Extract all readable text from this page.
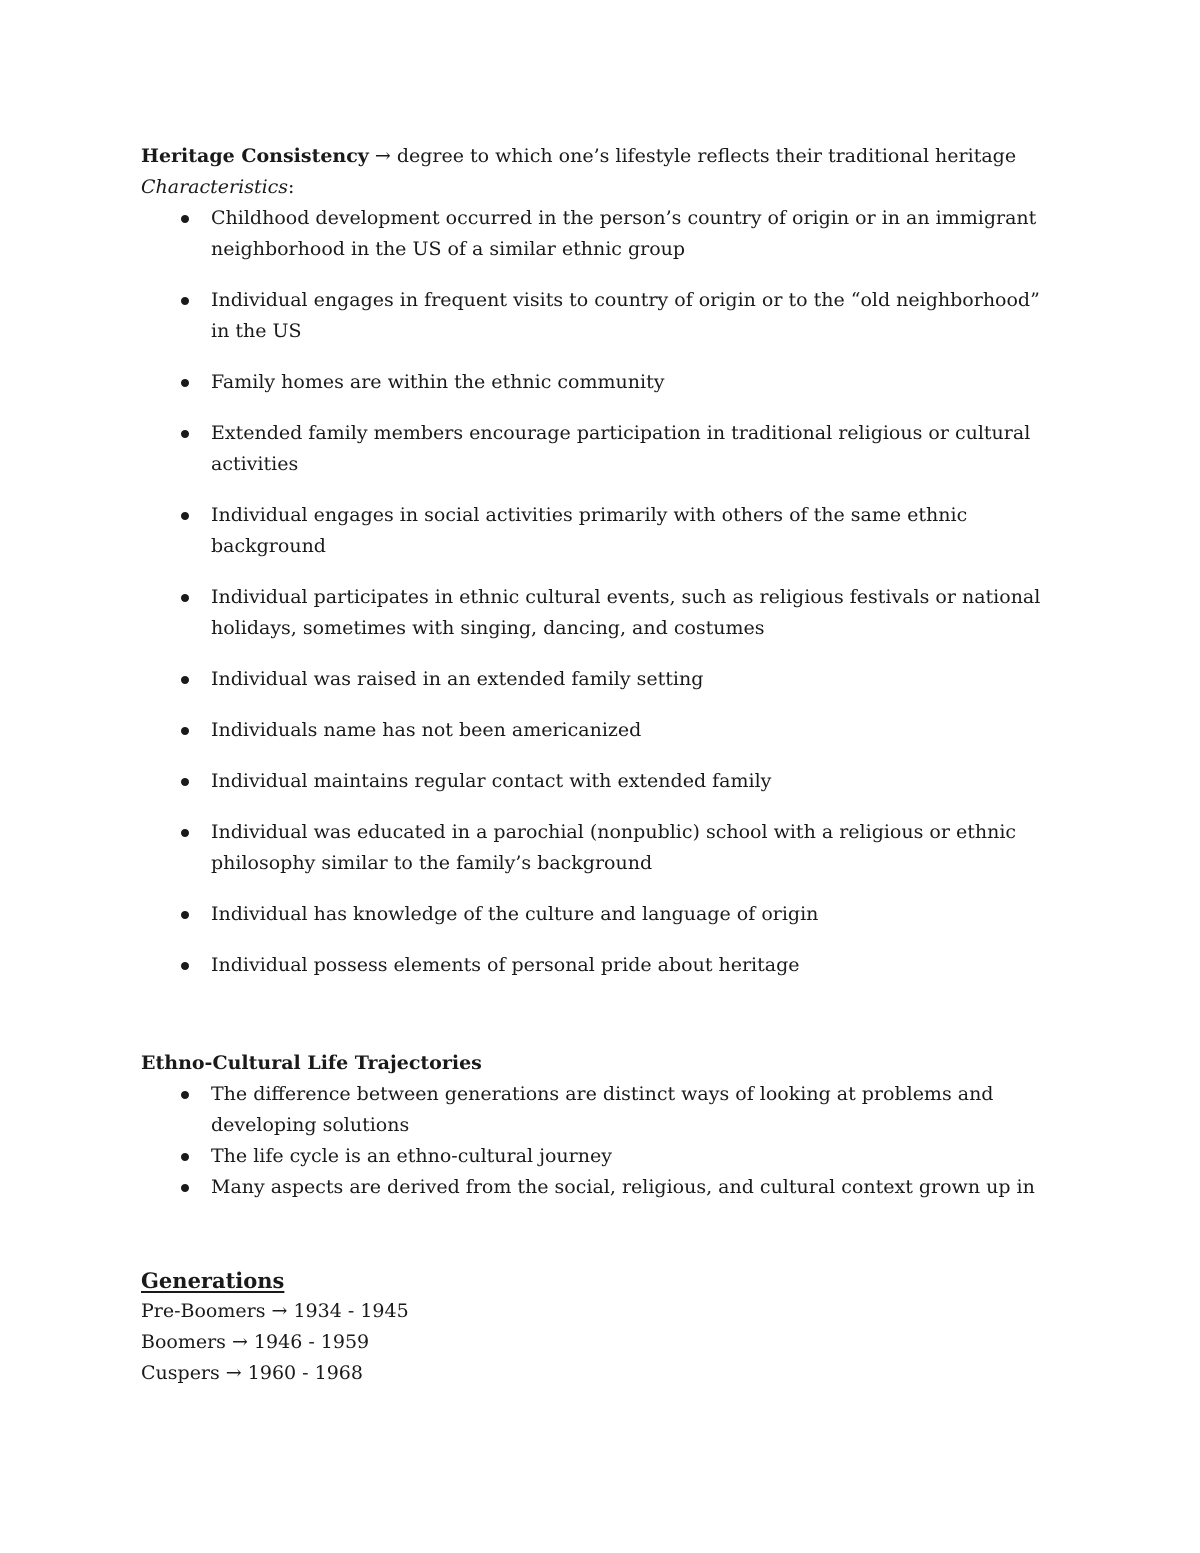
Heritage Consistency → degree to which one’s lifestyle reflects their traditional heritage

Characteristics:

Childhood development occurred in the person’s country of origin or in an immigrant neighborhood in the US of a similar ethnic group
Individual engages in frequent visits to country of origin or to the “old neighborhood” in the US
Family homes are within the ethnic community
Extended family members encourage participation in traditional religious or cultural activities
Individual engages in social activities primarily with others of the same ethnic background
Individual participates in ethnic cultural events, such as religious festivals or national holidays, sometimes with singing, dancing, and costumes
Individual was raised in an extended family setting
Individuals name has not been americanized
Individual maintains regular contact with extended family
Individual was educated in a parochial (nonpublic) school with a religious or ethnic philosophy similar to the family’s background
Individual has knowledge of the culture and language of origin
Individual possess elements of personal pride about heritage

Ethno-Cultural Life Trajectories

The difference between generations are distinct ways of looking at problems and developing solutions
The life cycle is an ethno-cultural journey
Many aspects are derived from the social, religious, and cultural context grown up in

Generations

Pre-Boomers → 1934 - 1945

Boomers → 1946 - 1959

Cuspers → 1960 - 1968
